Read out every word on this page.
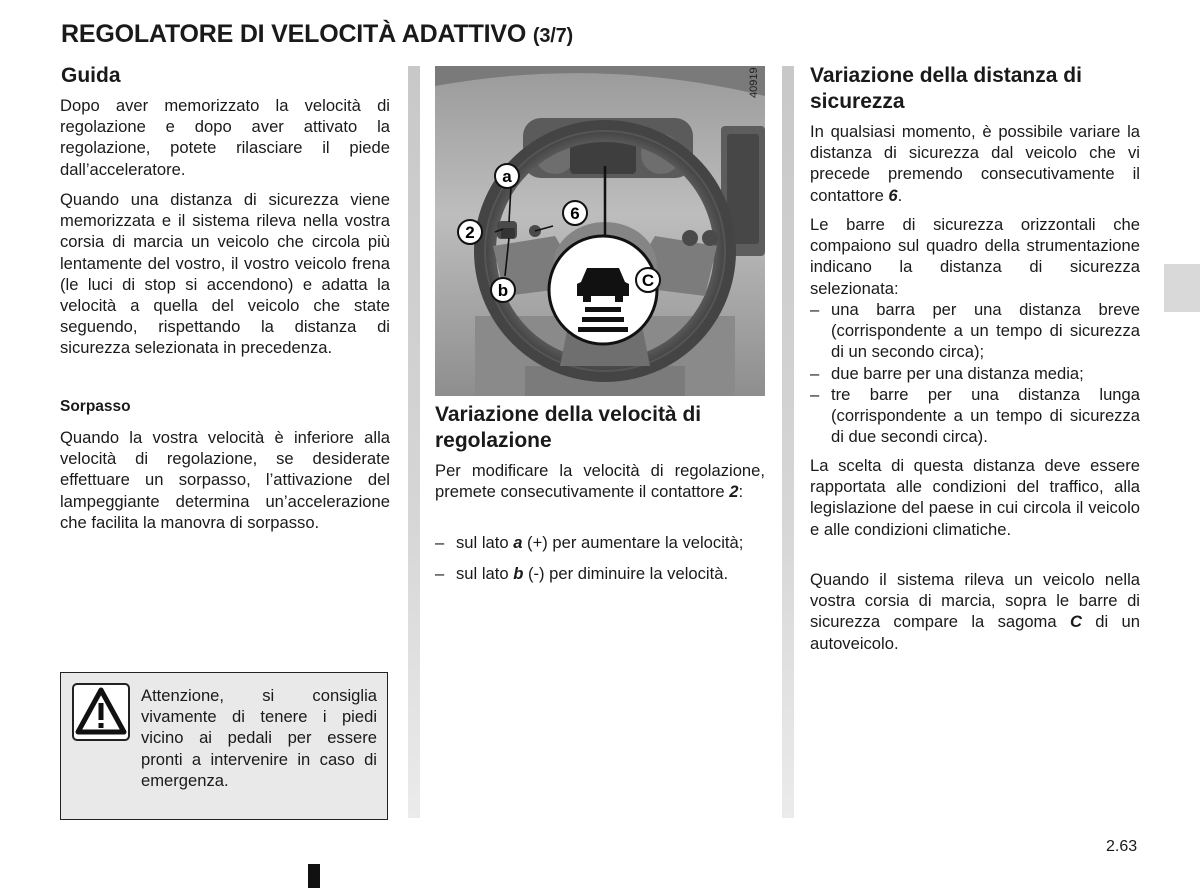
REGOLATORE DI VELOCITÀ ADATTIVO (3/7)
Guida

Dopo aver memorizzato la velocità di regolazione e dopo aver attivato la regolazione, potete rilasciare il piede dall’acceleratore.

Quando una distanza di sicurezza viene memorizzata e il sistema rileva nella vostra corsia di marcia un veicolo che circola più lentamente del vostro, il vostro veicolo frena (le luci di stop si accendono) e adatta la velocità a quella del veicolo che state seguendo, rispettando la distanza di sicurezza selezionata in precedenza.

Sorpasso

Quando la vostra velocità è inferiore alla velocità di regolazione, se desiderate effettuare un sorpasso, l’attivazione del lampeggiante determina un’accelerazione che facilita la manovra di sorpasso.

Attenzione, si consiglia vivamente di tenere i piedi vicino ai pedali per essere pronti a intervenire in caso di emergenza.
40919
a
2
b
6
C
Variazione della velocità di regolazione

Per modificare la velocità di regolazione, premete consecutivamente il contattore 2:

– sul lato a (+) per aumentare la velocità;
– sul lato b (-) per diminuire la velocità.
Variazione della distanza di sicurezza

In qualsiasi momento, è possibile variare la distanza di sicurezza dal veicolo che vi precede premendo consecutivamente il contattore 6.

Le barre di sicurezza orizzontali che compaiono sul quadro della strumentazione indicano la distanza di sicurezza selezionata:

– una barra per una distanza breve (corrispondente a un tempo di sicurezza di un secondo circa);
– due barre per una distanza media;
– tre barre per una distanza lunga (corrispondente a un tempo di sicurezza di due secondi circa).

La scelta di questa distanza deve essere rapportata alle condizioni del traffico, alla legislazione del paese in cui circola il veicolo e alle condizioni climatiche.

Quando il sistema rileva un veicolo nella vostra corsia di marcia, sopra le barre di sicurezza compare la sagoma C di un autoveicolo.

2.63
